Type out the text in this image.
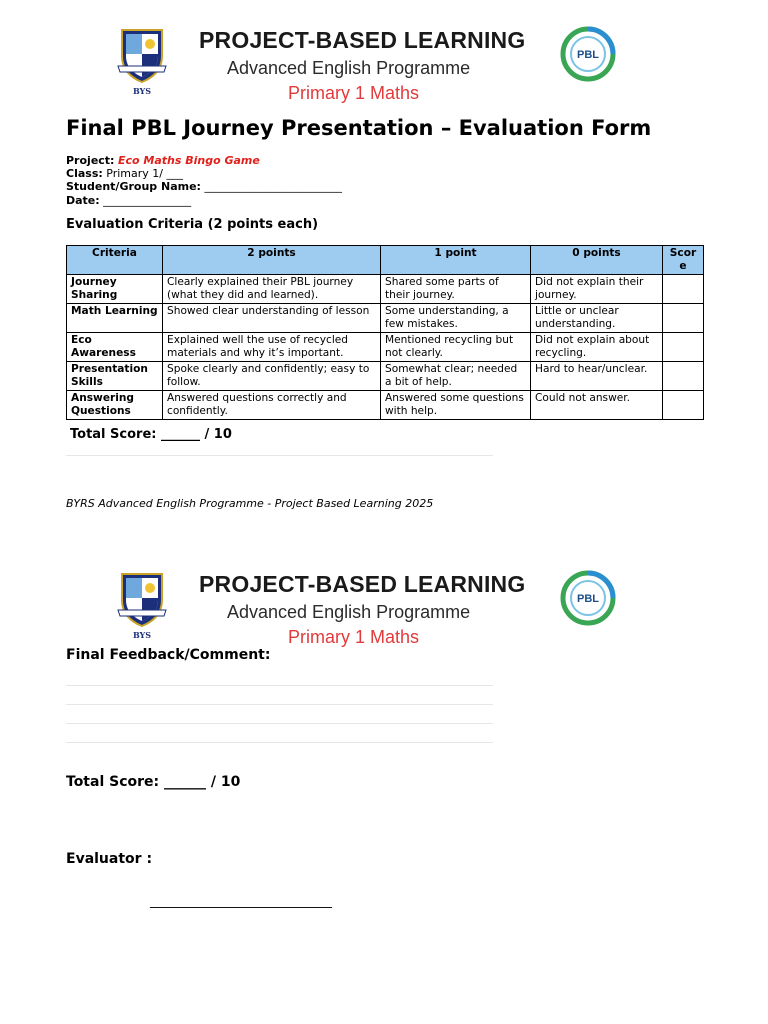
BYS
PROJECT-BASED LEARNING
Advanced English Programme
Primary 1 Maths
PBL
Final PBL Journey Presentation – Evaluation Form
Project: Eco Maths Bingo Game
Class: Primary 1/ ___
Student/Group Name: _________________________
Date: ________________
Evaluation Criteria (2 points each)
Criteria	2 points	1 point	0 points	Score
Journey Sharing	Clearly explained their PBL journey (what they did and learned).	Shared some parts of their journey.	Did not explain their journey.	
Math Learning	Showed clear understanding of lesson	Some understanding, a few mistakes.	Little or unclear understanding.	
Eco Awareness	Explained well the use of recycled materials and why it’s important.	Mentioned recycling but not clearly.	Did not explain about recycling.	
Presentation Skills	Spoke clearly and confidently; easy to follow.	Somewhat clear; needed a bit of help.	Hard to hear/unclear.	
Answering Questions	Answered questions correctly and confidently.	Answered some questions with help.	Could not answer.	
Total Score: ______ / 10
BYRS Advanced English Programme - Project Based Learning 2025
BYS
PROJECT-BASED LEARNING
Advanced English Programme
Primary 1 Maths
PBL
Final Feedback/Comment:
Total Score: ______ / 10
Evaluator :
____________________________
